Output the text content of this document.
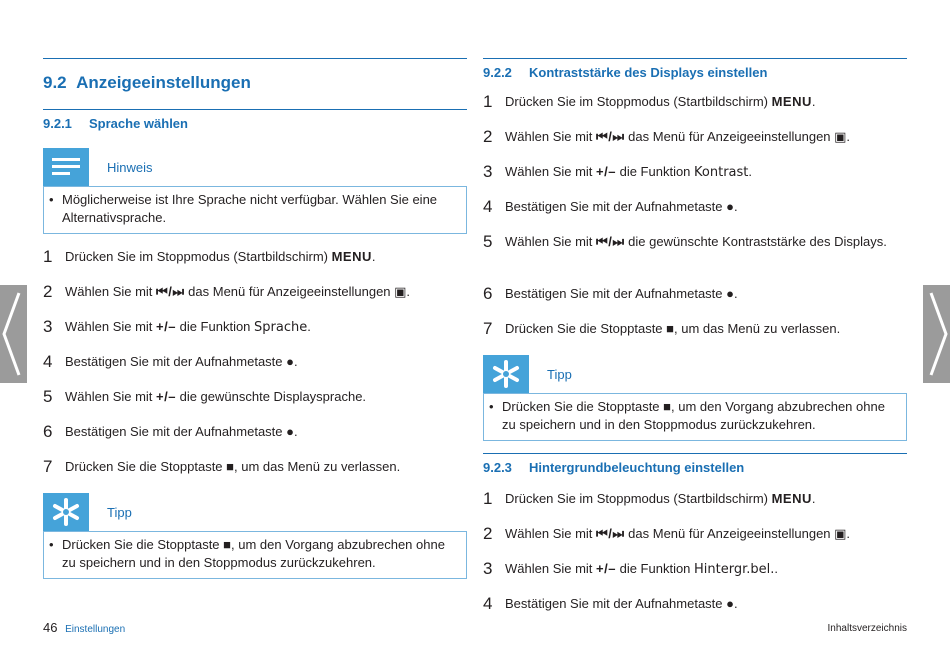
9.2 Anzeigeeinstellungen
9.2.1 Sprache wählen
Hinweis
• Möglicherweise ist Ihre Sprache nicht verfügbar. Wählen Sie eine Alternativsprache.
1 Drücken Sie im Stoppmodus (Startbildschirm) MENU.
2 Wählen Sie mit ⏮/⏭ das Menü für Anzeigeeinstellungen ▣.
3 Wählen Sie mit +/– die Funktion Sprache.
4 Bestätigen Sie mit der Aufnahmetaste ●.
5 Wählen Sie mit +/– die gewünschte Displaysprache.
6 Bestätigen Sie mit der Aufnahmetaste ●.
7 Drücken Sie die Stopptaste ■, um das Menü zu verlassen.
Tipp
• Drücken Sie die Stopptaste ■, um den Vorgang abzubrechen ohne zu speichern und in den Stoppmodus zurückzukehren.
9.2.2 Kontraststärke des Displays einstellen
1 Drücken Sie im Stoppmodus (Startbildschirm) MENU.
2 Wählen Sie mit ⏮/⏭ das Menü für Anzeigeeinstellungen ▣.
3 Wählen Sie mit +/– die Funktion Kontrast.
4 Bestätigen Sie mit der Aufnahmetaste ●.
5 Wählen Sie mit ⏮/⏭ die gewünschte Kontraststärke des Displays.
6 Bestätigen Sie mit der Aufnahmetaste ●.
7 Drücken Sie die Stopptaste ■, um das Menü zu verlassen.
Tipp
• Drücken Sie die Stopptaste ■, um den Vorgang abzubrechen ohne zu speichern und in den Stoppmodus zurückzukehren.
9.2.3 Hintergrundbeleuchtung einstellen
1 Drücken Sie im Stoppmodus (Startbildschirm) MENU.
2 Wählen Sie mit ⏮/⏭ das Menü für Anzeigeeinstellungen ▣.
3 Wählen Sie mit +/– die Funktion Hintergr.bel..
4 Bestätigen Sie mit der Aufnahmetaste ●.
46 Einstellungen	Inhaltsverzeichnis
